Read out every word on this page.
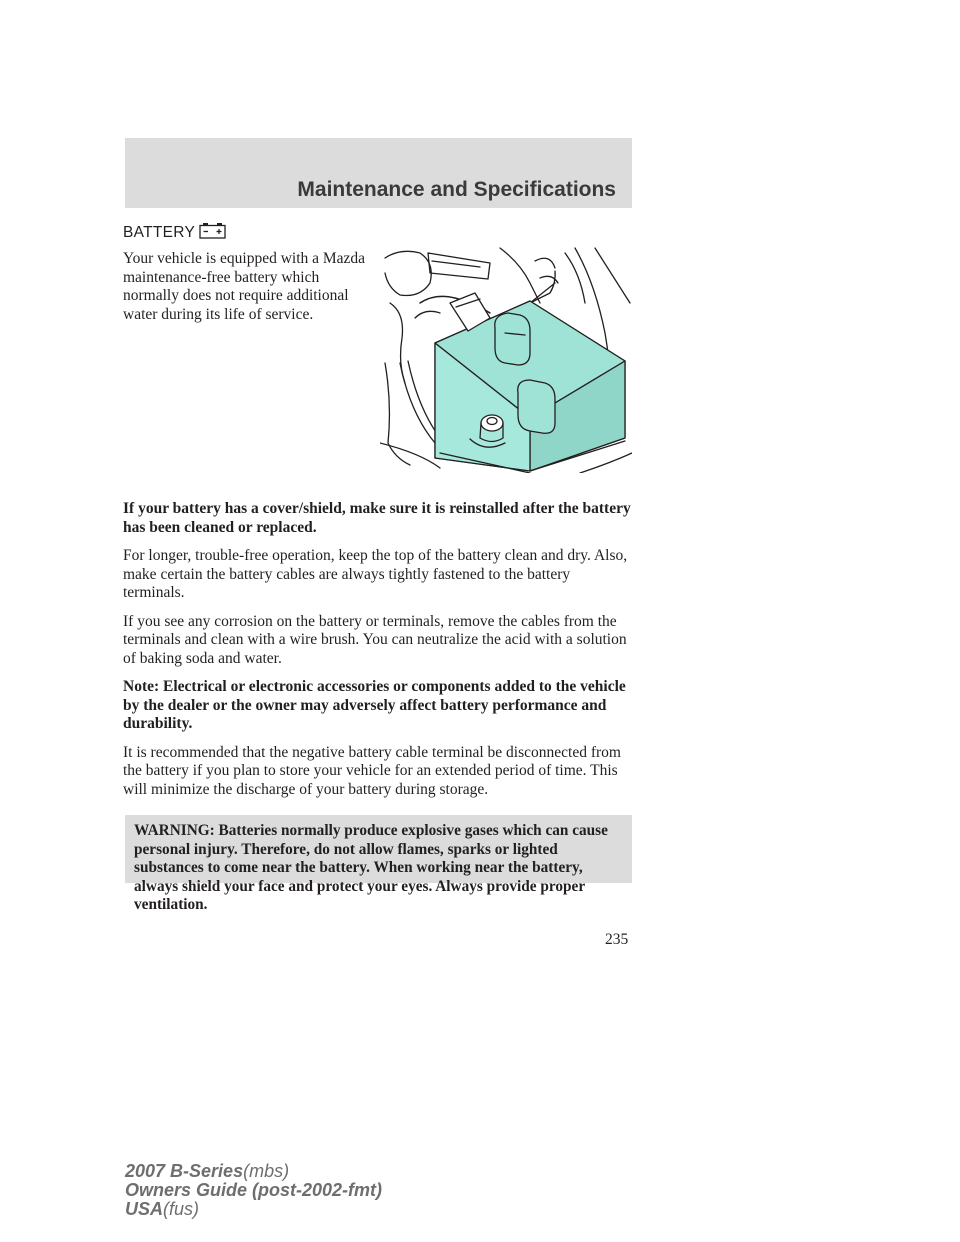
Maintenance and Specifications
BATTERY
Your vehicle is equipped with a Mazda maintenance-free battery which normally does not require additional water during its life of service.

If your battery has a cover/shield, make sure it is reinstalled after the battery has been cleaned or replaced.

For longer, trouble-free operation, keep the top of the battery clean and dry. Also, make certain the battery cables are always tightly fastened to the battery terminals.

If you see any corrosion on the battery or terminals, remove the cables from the terminals and clean with a wire brush. You can neutralize the acid with a solution of baking soda and water.

Note: Electrical or electronic accessories or components added to the vehicle by the dealer or the owner may adversely affect battery performance and durability.

It is recommended that the negative battery cable terminal be disconnected from the battery if you plan to store your vehicle for an extended period of time. This will minimize the discharge of your battery during storage.

WARNING: Batteries normally produce explosive gases which can cause personal injury. Therefore, do not allow flames, sparks or lighted substances to come near the battery. When working near the battery, always shield your face and protect your eyes. Always provide proper ventilation.
235
2007 B-Series(mbs)
Owners Guide (post-2002-fmt)
USA(fus)
